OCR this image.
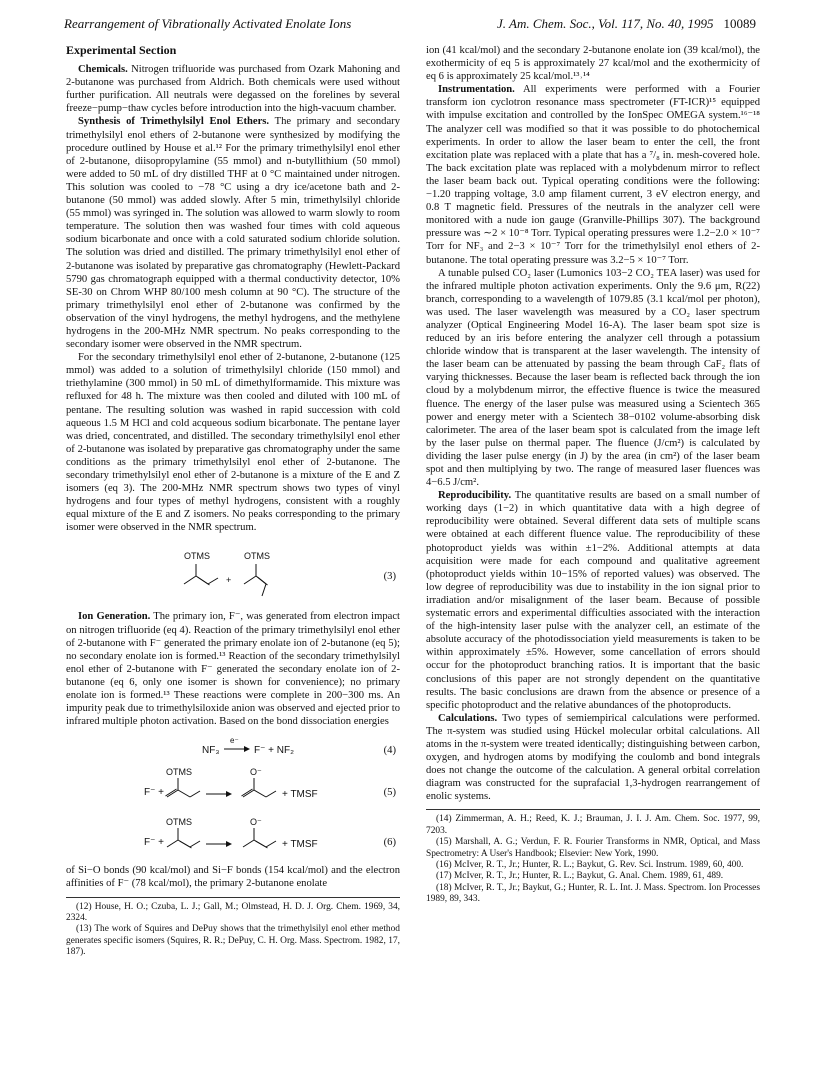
Rearrangement of Vibrationally Activated Enolate Ions	J. Am. Chem. Soc., Vol. 117, No. 40, 1995 10089
Experimental Section

Chemicals. Nitrogen trifluoride was purchased from Ozark Mahoning and 2-butanone was purchased from Aldrich. Both chemicals were used without further purification. All neutrals were degassed on the forelines by several freeze−pump−thaw cycles before introduction into the high-vacuum chamber.

Synthesis of Trimethylsilyl Enol Ethers. The primary and secondary trimethylsilyl enol ethers of 2-butanone were synthesized by modifying the procedure outlined by House et al.¹² For the primary trimethylsilyl enol ether of 2-butanone, diisopropylamine (55 mmol) and n-butyllithium (50 mmol) were added to 50 mL of dry distilled THF at 0 °C maintained under nitrogen. This solution was cooled to −78 °C using a dry ice/acetone bath and 2-butanone (50 mmol) was added slowly. After 5 min, trimethylsilyl chloride (55 mmol) was syringed in. The solution was allowed to warm slowly to room temperature. The solution then was washed four times with cold aqueous sodium bicarbonate and once with a cold saturated sodium chloride solution. The solution was dried and distilled. The primary trimethylsilyl enol ether of 2-butanone was isolated by preparative gas chromatography (Hewlett-Packard 5790 gas chromatograph equipped with a thermal conductivity detector, 10% SE-30 on Chrom WHP 80/100 mesh column at 90 °C). The structure of the primary trimethylsilyl enol ether of 2-butanone was confirmed by the observation of the vinyl hydrogens, the methyl hydrogens, and the methylene hydrogens in the 200-MHz NMR spectrum. No peaks corresponding to the secondary isomer were observed in the NMR spectrum.

For the secondary trimethylsilyl enol ether of 2-butanone, 2-butanone (125 mmol) was added to a solution of trimethylsilyl chloride (150 mmol) and triethylamine (300 mmol) in 50 mL of dimethylformamide. This mixture was refluxed for 48 h. The mixture was then cooled and diluted with 100 mL of pentane. The resulting solution was washed in rapid succession with cold aqueous 1.5 M HCl and cold acqueous sodium bicarbonate. The pentane layer was dried, concentrated, and distilled. The secondary trimethylsilyl enol ether of 2-butanone was isolated by preparative gas chromatography under the same conditions as the primary trimethylsilyl enol ether of 2-butanone. The secondary trimethylsilyl enol ether of 2-butanone is a mixture of the E and Z isomers (eq 3). The 200-MHz NMR spectrum shows two types of vinyl hydrogens and four types of methyl hydrogens, consistent with a roughly equal mixture of the E and Z isomers. No peaks corresponding to the primary isomer were observed in the NMR spectrum.

OTMS
+
OTMS
(3)

Ion Generation. The primary ion, F⁻, was generated from electron impact on nitrogen trifluoride (eq 4). Reaction of the primary trimethylsilyl enol ether of 2-butanone with F⁻ generated the primary enolate ion of 2-butanone (eq 5); no secondary enolate ion is formed.¹³ Reaction of the secondary trimethylsilyl enol ether of 2-butanone with F⁻ generated the secondary enolate ion of 2-butanone (eq 6, only one isomer is shown for convenience); no primary enolate ion is formed.¹³ These reactions were complete in 200−300 ms. An impurity peak due to trimethylsiloxide anion was observed and ejected prior to infrared multiple photon activation. Based on the bond dissociation energies

NF₃
e⁻
F⁻ + NF₂	(4)
F⁻ +
OTMS	O⁻
+ TMSF	(5)
F⁻ +
OTMS	O⁻
+ TMSF	(6)

of Si−O bonds (90 kcal/mol) and Si−F bonds (154 kcal/mol) and the electron affinities of F⁻ (78 kcal/mol), the primary 2-butanone enolate

(12) House, H. O.; Czuba, L. J.; Gall, M.; Olmstead, H. D. J. Org. Chem. 1969, 34, 2324.

(13) The work of Squires and DePuy shows that the trimethylsilyl enol ether method generates specific isomers (Squires, R. R.; DePuy, C. H. Org. Mass. Spectrom. 1982, 17, 187).

ion (41 kcal/mol) and the secondary 2-butanone enolate ion (39 kcal/mol), the exothermicity of eq 5 is approximately 27 kcal/mol and the exothermicity of eq 6 is approximately 25 kcal/mol.¹³˒¹⁴

Instrumentation. All experiments were performed with a Fourier transform ion cyclotron resonance mass spectrometer (FT-ICR)¹⁵ equipped with impulse excitation and controlled by the IonSpec OMEGA system.¹⁶⁻¹⁸ The analyzer cell was modified so that it was possible to do photochemical experiments. In order to allow the laser beam to enter the cell, the front excitation plate was replaced with a plate that has a ⁷/₈ in. mesh-covered hole. The back excitation plate was replaced with a molybdenum mirror to reflect the laser beam back out. Typical operating conditions were the following: −1.20 trapping voltage, 3.0 amp filament current, 3 eV electron energy, and 0.8 T magnetic field. Pressures of the neutrals in the analyzer cell were monitored with a nude ion gauge (Granville-Phillips 307). The background pressure was ∼2 × 10⁻⁸ Torr. Typical operating pressures were 1.2−2.0 × 10⁻⁷ Torr for NF₃ and 2−3 × 10⁻⁷ Torr for the trimethylsilyl enol ethers of 2-butanone. The total operating pressure was 3.2−5 × 10⁻⁷ Torr.

A tunable pulsed CO₂ laser (Lumonics 103−2 CO₂ TEA laser) was used for the infrared multiple photon activation experiments. Only the 9.6 μm, R(22) branch, corresponding to a wavelength of 1079.85 (3.1 kcal/mol per photon), was used. The laser wavelength was measured by a CO₂ laser spectrum analyzer (Optical Engineering Model 16-A). The laser beam spot size is reduced by an iris before entering the analyzer cell through a potassium chloride window that is transparent at the laser wavelength. The intensity of the laser beam can be attenuated by passing the beam through CaF₂ flats of varying thicknesses. Because the laser beam is reflected back through the ion cloud by a molybdenum mirror, the effective fluence is twice the measured fluence. The energy of the laser pulse was measured using a Scientech 365 power and energy meter with a Scientech 38−0102 volume-absorbing disk calorimeter. The area of the laser beam spot is calculated from the image left by the laser pulse on thermal paper. The fluence (J/cm²) is calculated by dividing the laser pulse energy (in J) by the area (in cm²) of the laser beam spot and then multiplying by two. The range of measured laser fluences was 4−6.5 J/cm².

Reproducibility. The quantitative results are based on a small number of working days (1−2) in which quantitative data with a high degree of reproducibility were obtained. Several different data sets of multiple scans were obtained at each different fluence value. The reproducibility of these photoproduct yields was within ±1−2%. Additional attempts at data acquisition were made for each compound and qualitative agreement (photoproduct yields within 10−15% of reported values) was observed. The low degree of reproducibility was due to instability in the ion signal prior to irradiation and/or misalignment of the laser beam. Because of possible systematic errors and experimental difficulties associated with the interaction of the high-intensity laser pulse with the analyzer cell, an estimate of the absolute accuracy of the photodissociation yield measurements is taken to be within approximately ±5%. However, some cancellation of errors should occur for the photoproduct branching ratios. It is important that the basic conclusions of this paper are not strongly dependent on the quantitative results. The basic conclusions are drawn from the absence or presence of a specific photoproduct and the relative abundances of the photoproducts.

Calculations. Two types of semiempirical calculations were performed. The π-system was studied using Hückel molecular orbital calculations. All atoms in the π-system were treated identically; distinguishing between carbon, oxygen, and hydrogen atoms by modifying the coulomb and bond integrals does not change the outcome of the calculation. A general orbital correlation diagram was constructed for the suprafacial 1,3-hydrogen rearrangement of enolic systems.

(14) Zimmerman, A. H.; Reed, K. J.; Brauman, J. I. J. Am. Chem. Soc. 1977, 99, 7203.

(15) Marshall, A. G.; Verdun, F. R. Fourier Transforms in NMR, Optical, and Mass Spectrometry: A User's Handbook; Elsevier: New York, 1990.

(16) McIver, R. T., Jr.; Hunter, R. L.; Baykut, G. Rev. Sci. Instrum. 1989, 60, 400.

(17) McIver, R. T., Jr.; Hunter, R. L.; Baykut, G. Anal. Chem. 1989, 61, 489.

(18) McIver, R. T., Jr.; Baykut, G.; Hunter, R. L. Int. J. Mass. Spectrom. Ion Processes 1989, 89, 343.
